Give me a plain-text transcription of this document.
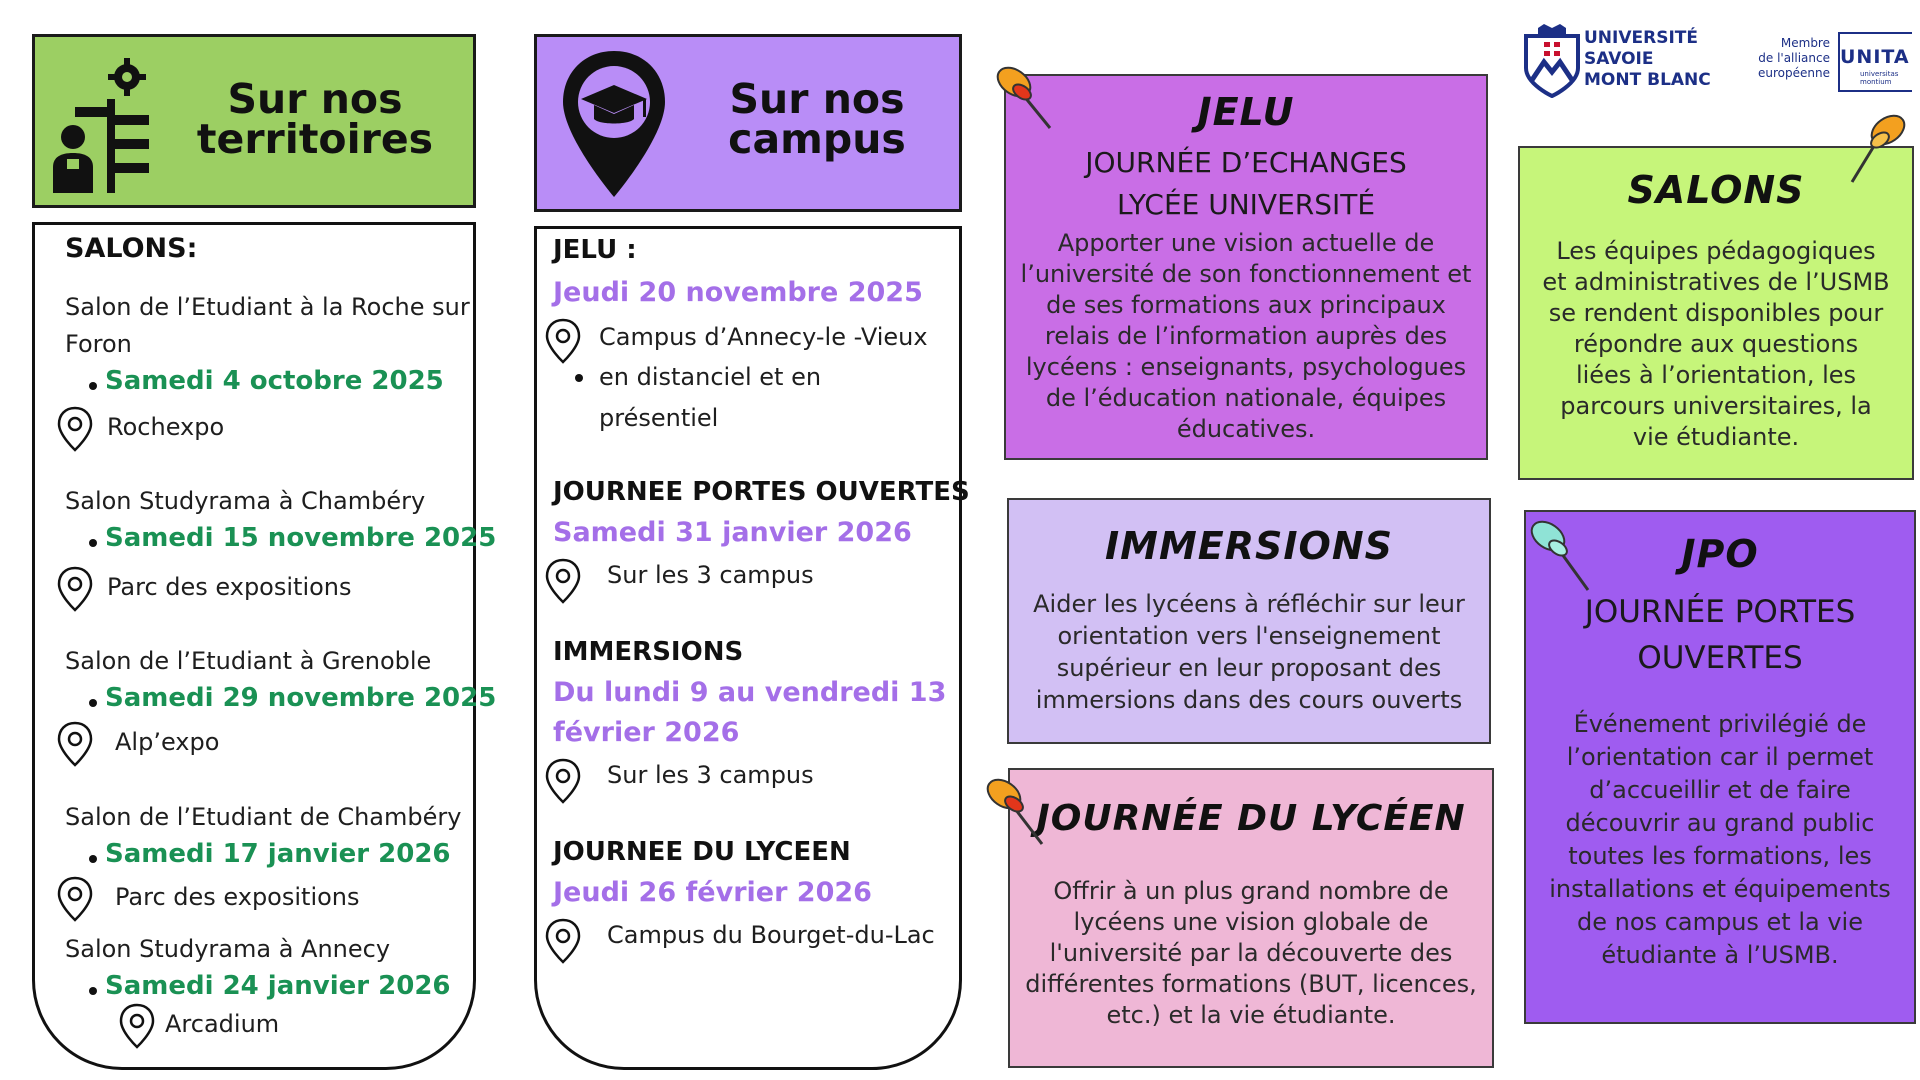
Sur nos
territoires
Sur nos
campus
SALONS:
Salon de l’Etudiant à la Roche sur
Foron
Samedi 4 octobre 2025
Rochexpo
Salon Studyrama à Chambéry
Samedi 15 novembre 2025
Parc des expositions
Salon de l’Etudiant à Grenoble
Samedi 29 novembre 2025
Alp’expo
Salon de l’Etudiant de Chambéry
Samedi 17 janvier 2026
Parc des expositions
Salon Studyrama à Annecy
Samedi 24 janvier 2026
Arcadium
JELU :
Jeudi 20 novembre 2025
Campus d’Annecy-le -Vieux
en distanciel et en
présentiel
JOURNEE PORTES OUVERTES
Samedi 31 janvier 2026
Sur les 3 campus
IMMERSIONS
Du lundi 9 au vendredi 13
février 2026
Sur les 3 campus
JOURNEE DU LYCEEN
Jeudi 26 février 2026
Campus du Bourget-du-Lac
JELU
JOURNÉE D’ECHANGES
LYCÉE UNIVERSITÉ
Apporter une vision actuelle de
l’université de son fonctionnement et
de ses formations aux principaux
relais de l’information auprès des
lycéens : enseignants, psychologues
de l’éducation nationale, équipes
éducatives.
SALONS
Les équipes pédagogiques
et administratives de l’USMB
se rendent disponibles pour
répondre aux questions
liées à l’orientation, les
parcours universitaires, la
vie étudiante.
IMMERSIONS
Aider les lycéens à réfléchir sur leur
orientation vers l'enseignement
supérieur en leur proposant des
immersions dans des cours ouverts
JPO
JOURNÉE PORTES
OUVERTES
Événement privilégié de
l’orientation car il permet
d’accueillir et de faire
découvrir au grand public
toutes les formations, les
installations et équipements
de nos campus et la vie
étudiante à l’USMB.
JOURNÉE DU LYCÉEN
Offrir à un plus grand nombre de
lycéens une vision globale de
l'université par la découverte des
différentes formations (BUT, licences,
etc.) et la vie étudiante.
UNIVERSITÉ
SAVOIE
MONT BLANC
Membre
de l'alliance
européenne
UNITA
universitas
montium
